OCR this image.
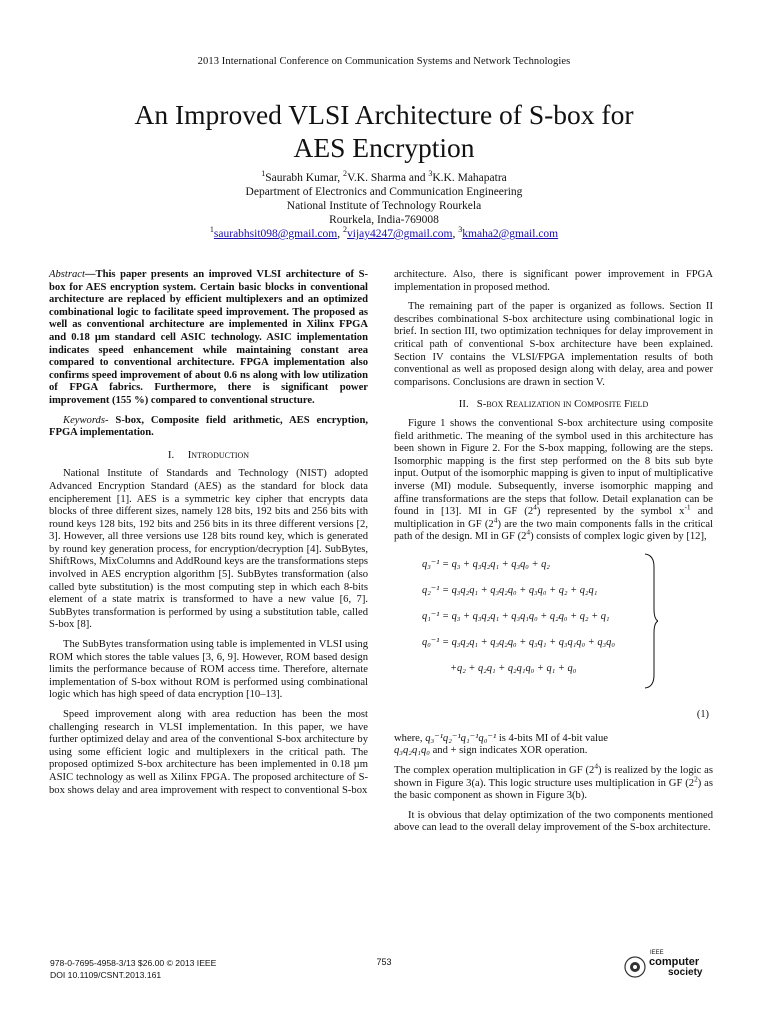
2013 International Conference on Communication Systems and Network Technologies
An Improved VLSI Architecture of S-box for
AES Encryption
$^1$Saurabh Kumar, $^2$V.K. Sharma and $^3$K.K. Mahapatra
Department of Electronics and Communication Engineering
National Institute of Technology Rourkela
Rourkela, India-769008
$^1$saurabhsit098@gmail.com, $^2$vijay4247@gmail.com, $^3$kmaha2@gmail.com

Abstract—This paper presents an improved VLSI architecture of S-box for AES encryption system. Certain basic blocks in conventional architecture are replaced by efficient multiplexers and an optimized combinational logic to facilitate speed improvement. The proposed as well as conventional architecture are implemented in Xilinx FPGA and 0.18 µm standard cell ASIC technology. ASIC implementation indicates speed enhancement while maintaining constant area compared to conventional architecture. FPGA implementation also confirms speed improvement of about 0.6 ns along with low utilization of FPGA fabrics. Furthermore, there is significant power improvement (155 %) compared to conventional structure.

Keywords- S-box, Composite field arithmetic, AES encryption, FPGA implementation.

I. Introduction

National Institute of Standards and Technology (NIST) adopted Advanced Encryption Standard (AES) as the standard for block data encipherement [1]. AES is a symmetric key cipher that encrypts data blocks of three different sizes, namely 128 bits, 192 bits and 256 bits with round keys 128 bits, 192 bits and 256 bits in its three different versions [2, 3]. However, all three versions use 128 bits round key, which is generated by round key generation process, for encryption/decryption [4]. SubBytes, ShiftRows, MixColumns and AddRound keys are the transformations steps involved in AES encryption algorithm [5]. SubBytes transformation (also called byte substitution) is the most computing step in which each 8-bits element of a state matrix is transformed to have a new value [6, 7]. SubBytes transformation is performed by using a substitution table, called S-box [8].

The SubBytes transformation using table is implemented in VLSI using ROM which stores the table values [3, 6, 9]. However, ROM based design limits the performance because of ROM access time. Therefore, alternate implementation of S-box without ROM is performed using combinational logic which has high speed of data encryption [10–13].

Speed improvement along with area reduction has been the most challenging research in VLSI implementation. In this paper, we have further optimized delay and area of the conventional S-box architecture by using some efficient logic and multiplexers in the critical path. The proposed optimized S-box architecture has been implemented in 0.18 µm ASIC technology as well as Xilinx FPGA. The proposed architecture of S-box shows delay and area improvement with respect to conventional S-box

architecture. Also, there is significant power improvement in FPGA implementation in proposed method.

The remaining part of the paper is organized as follows. Section II describes combinational S-box architecture using combinational logic in brief. In section III, two optimization techniques for delay improvement in critical path of conventional S-box architecture have been explained. Section IV contains the VLSI/FPGA implementation results of both conventional as well as proposed design along with delay, area and power comparisons. Conclusions are drawn in section V.

II. S-box Realization in Composite Field

Figure 1 shows the conventional S-box architecture using composite field arithmetic. The meaning of the symbol used in this architecture has been shown in Figure 2. For the S-box mapping, following are the steps. Isomorphic mapping is the first step performed on the 8 bits sub byte input. Output of the isomorphic mapping is given to input of multiplicative inverse (MI) module. Subsequently, inverse isomorphic mapping and affine transformations are the steps that follow. Detail explanation can be found in [13]. MI in GF $(2^4)$ represented by the symbol $x^{-1}$ and multiplication in GF $(2^4)$ are the two main components falls in the critical path of the design. MI in GF $(2^4)$ consists of complex logic given by [12],

q₃⁻¹ = q₃ + q₃q₂q₁ + q₃q₀ + q₂
q₂⁻¹ = q₃q₂q₁ + q₃q₂q₀ + q₃q₀ + q₂ + q₂q₁
q₁⁻¹ = q₃ + q₃q₂q₁ + q₃q₁q₀ + q₂q₀ + q₂ + q₁
q₀⁻¹ = q₃q₂q₁ + q₃q₂q₀ + q₃q₁ + q₃q₁q₀ + q₃q₀
+q₂ + q₂q₁ + q₂q₁q₀ + q₁ + q₀
(1)

where, q₃⁻¹q₂⁻¹q₁⁻¹q₀⁻¹ is 4-bits MI of 4-bit value
q₃q₂q₁q₀ and + sign indicates XOR operation.

The complex operation multiplication in GF $(2^4)$ is realized by the logic as shown in Figure 3(a). This logic structure uses multiplication in GF $(2^2)$ as the basic component as shown in Figure 3(b).

It is obvious that delay optimization of the two components mentioned above can lead to the overall delay improvement of the S-box architecture.

978-0-7695-4958-3/13 $26.00 © 2013 IEEE
DOI 10.1109/CSNT.2013.161
753
IEEE
computer
society
